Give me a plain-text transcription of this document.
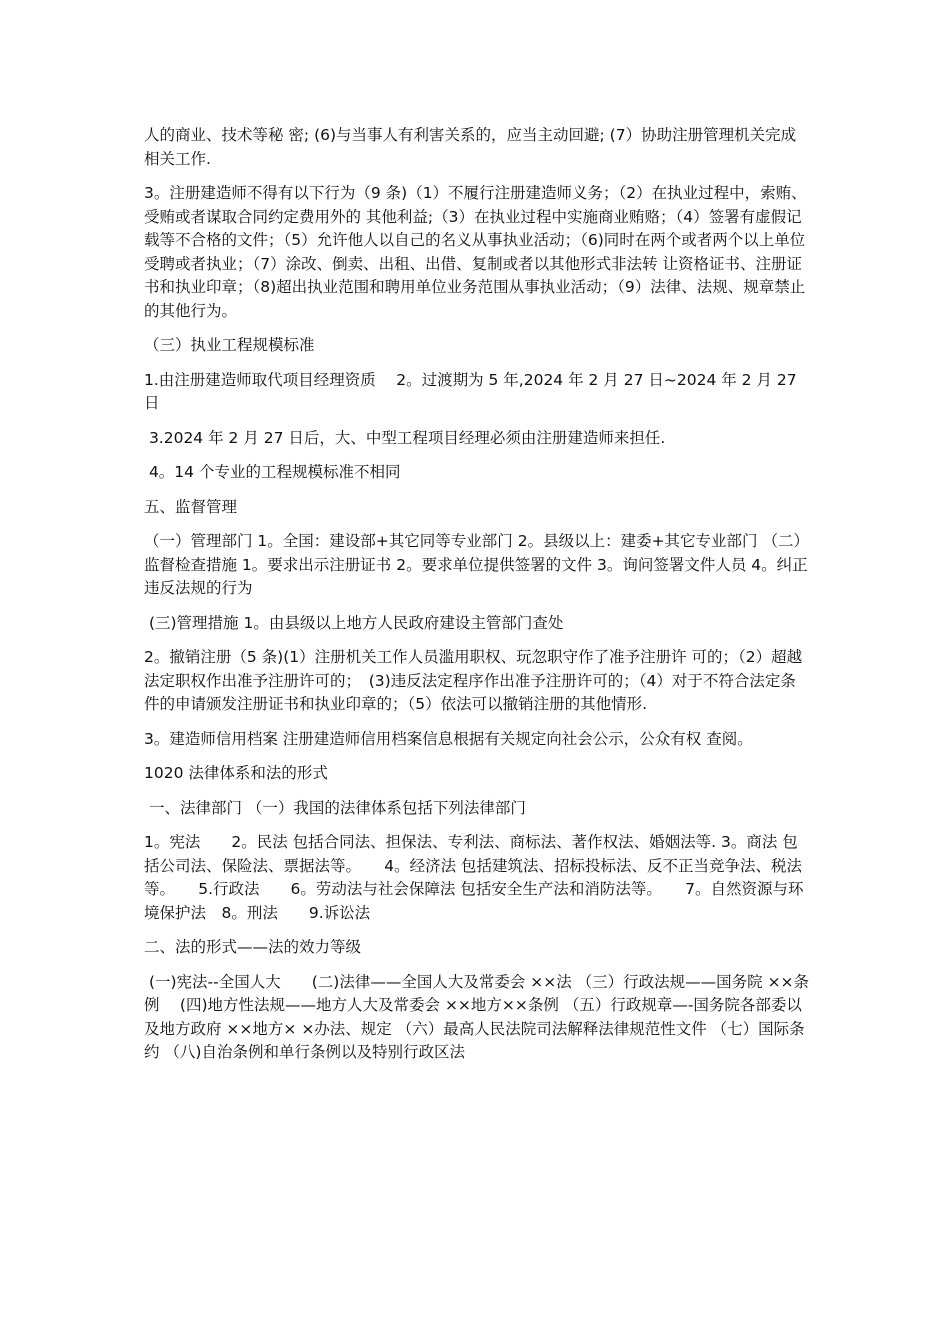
人的商业、技术等秘 密; (6)与当事人有利害关系的，应当主动回避; (7）协助注册管理机关完成相关工作.

3。注册建造师不得有以下行为（9 条)（1）不履行注册建造师义务；（2）在执业过程中，索贿、受贿或者谋取合同约定费用外的 其他利益;（3）在执业过程中实施商业贿赂；（4）签署有虚假记载等不合格的文件；（5）允许他人以自己的名义从事执业活动；（6)同时在两个或者两个以上单位受聘或者执业；（7）涂改、倒卖、出租、出借、复制或者以其他形式非法转 让资格证书、注册证书和执业印章；（8)超出执业范围和聘用单位业务范围从事执业活动；（9）法律、法规、规章禁止的其他行为。

（三）执业工程规模标准

1.由注册建造师取代项目经理资质　 2。过渡期为 5 年,2024 年 2 月 27 日~2024 年 2 月 27 日

3.2024 年 2 月 27 日后，大、中型工程项目经理必须由注册建造师来担任.

4。14 个专业的工程规模标准不相同

五、监督管理

（一）管理部门 1。全国：建设部+其它同等专业部门 2。县级以上：建委+其它专业部门 （二）监督检查措施 1。要求出示注册证书 2。要求单位提供签署的文件 3。询问签署文件人员 4。纠正违反法规的行为

(三)管理措施 1。由县级以上地方人民政府建设主管部门查处

2。撤销注册（5 条)(1）注册机关工作人员滥用职权、玩忽职守作了准予注册许 可的；（2）超越法定职权作出准予注册许可的；　(3)违反法定程序作出准予注册许可的；（4）对于不符合法定条件的申请颁发注册证书和执业印章的；（5）依法可以撤销注册的其他情形.

3。建造师信用档案 注册建造师信用档案信息根据有关规定向社会公示，公众有权 查阅。

1020 法律体系和法的形式

一、法律部门 （一）我国的法律体系包括下列法律部门

1。宪法　　2。民法 包括合同法、担保法、专利法、商标法、著作权法、婚姻法等. 3。商法 包括公司法、保险法、票据法等。　　4。经济法 包括建筑法、招标投标法、反不正当竞争法、税法等。　　5.行政法　　6。劳动法与社会保障法 包括安全生产法和消防法等。　　7。自然资源与环境保护法　8。刑法　　9.诉讼法

二、法的形式——法的效力等级

(一)宪法--全国人大　　(二)法律——全国人大及常委会 ××法 （三）行政法规——国务院 ××条例　 (四)地方性法规——地方人大及常委会 ××地方××条例 （五）行政规章—-国务院各部委以及地方政府 ××地方× ×办法、规定 （六）最高人民法院司法解释法律规范性文件 （七）国际条约 （八)自治条例和单行条例以及特别行政区法
